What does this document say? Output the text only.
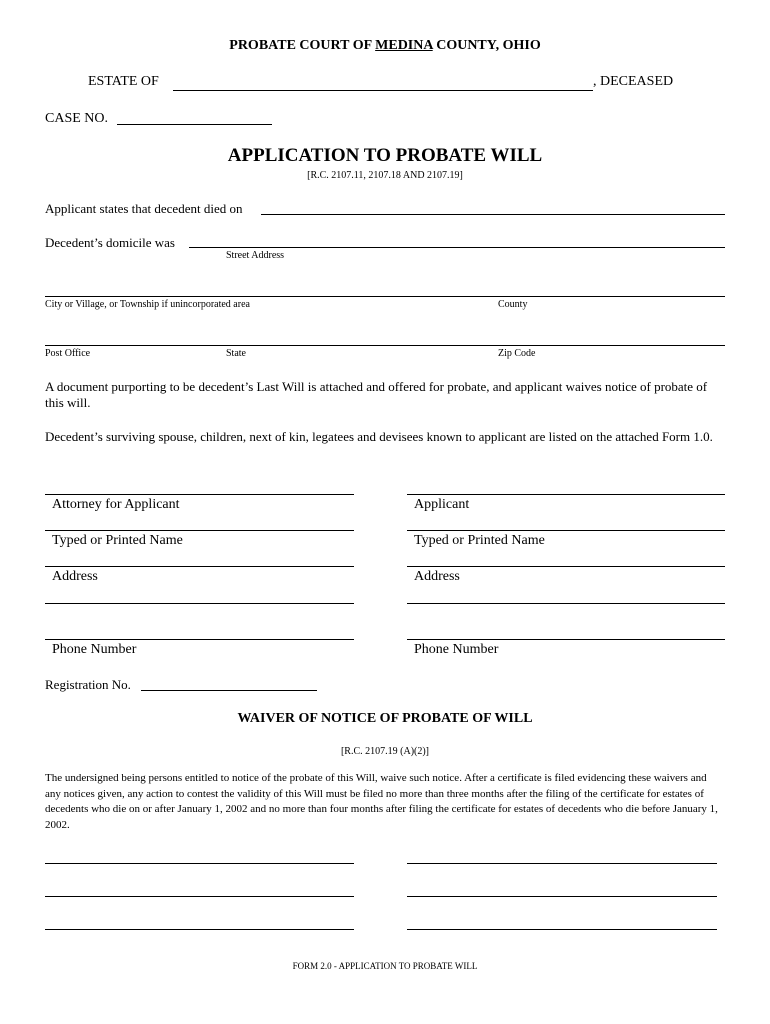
PROBATE COURT OF MEDINA COUNTY, OHIO
ESTATE OF	, DECEASED
CASE NO.
APPLICATION TO PROBATE WILL
[R.C. 2107.11, 2107.18 AND 2107.19]
Applicant states that decedent died on
Decedent’s domicile was
Street Address
City or Village, or Township if unincorporated area	County
Post Office	State	Zip Code
A document purporting to be decedent’s Last Will is attached and offered for probate, and applicant waives notice of probate of this will.
Decedent’s surviving spouse, children, next of kin, legatees and devisees known to applicant are listed on the attached Form 1.0.
Attorney for Applicant
Typed or Printed Name
Address
Phone Number
Applicant
Typed or Printed Name
Address
Phone Number
Registration No.
WAIVER OF NOTICE OF PROBATE OF WILL
[R.C. 2107.19 (A)(2)]
The undersigned being persons entitled to notice of the probate of this Will, waive such notice. After a certificate is filed evidencing these waivers and any notices given, any action to contest the validity of this Will must be filed no more than three months after the filing of the certificate for estates of decedents who die on or after January 1, 2002 and no more than four months after filing the certificate for estates of decedents who die before January 1, 2002.
FORM 2.0 - APPLICATION TO PROBATE WILL
